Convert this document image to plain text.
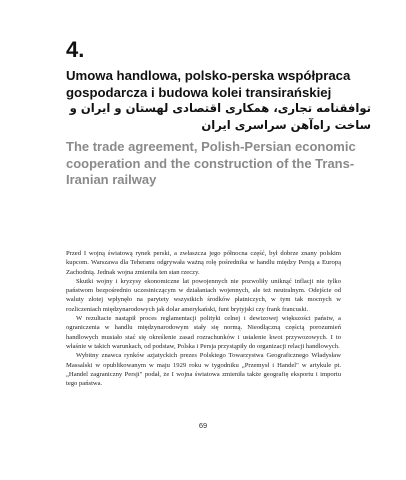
4.
Umowa handlowa, polsko-perska współpraca gospodarcza i budowa kolei transirańskiej
توافقنامه تجاری، همکاری اقتصادی لهستان و ایران و ساخت راه‌آهن سراسری ایران
The trade agreement, Polish-Persian economic cooperation and the construction of the Trans-Iranian railway

Przed I wojną światową rynek perski, a zwłaszcza jego północna część, był dobrze znany polskim kupcom. Warszawa dla Teheranu odgrywała ważną rolę pośrednika w handlu między Persją a Europą Zachodnią. Jednak wojna zmieniła ten stan rzeczy.

Skutki wojny i kryzysy ekonomiczne lat powojennych nie pozwoliły uniknąć inflacji nie tylko państwom bezpośrednio uczestniczącym w działaniach wojennych, ale też neutralnym. Odejście od waluty złotej wpłynęło na parytety wszystkich środków płatniczych, w tym tak mocnych w rozliczeniach międzynarodowych jak dolar amerykański, funt brytyjski czy frank francuski.

W rezultacie nastąpił proces reglamentacji polityki celnej i dewizowej większości państw, a ograniczenia w handlu międzynarodowym stały się normą. Nieodłączną częścią porozumień handlowych musiało stać się określenie zasad rozrachunków i ustalenie kwot przywozowych. I to właśnie w takich warunkach, od podstaw, Polska i Persja przystąpiły do organizacji relacji handlowych.

Wybitny znawca rynków azjatyckich prezes Polskiego Towarzystwa Geograficznego Władysław Massalski w opublikowanym w maju 1929 roku w tygodniku „Przemysł i Handel" w artykule pt. „Handel zagraniczny Persji" podał, że I wojna światowa zmieniła także geografię eksportu i importu tego państwa.

69
